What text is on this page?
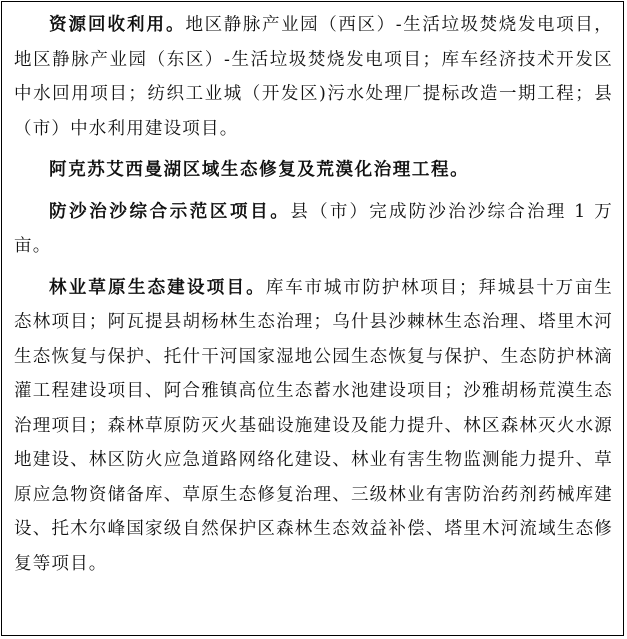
资源回收利用。地区静脉产业园（西区）-生活垃圾焚烧发电项目，地区静脉产业园（东区）-生活垃圾焚烧发电项目；库车经济技术开发区中水回用项目；纺织工业城（开发区)污水处理厂提标改造一期工程；县（市）中水利用建设项目。

阿克苏艾西曼湖区域生态修复及荒漠化治理工程。

防沙治沙综合示范区项目。县（市）完成防沙治沙综合治理 1 万亩。

林业草原生态建设项目。库车市城市防护林项目；拜城县十万亩生态林项目；阿瓦提县胡杨林生态治理；乌什县沙棘林生态治理、塔里木河生态恢复与保护、托什干河国家湿地公园生态恢复与保护、生态防护林滴灌工程建设项目、阿合雅镇高位生态蓄水池建设项目；沙雅胡杨荒漠生态治理项目；森林草原防灭火基础设施建设及能力提升、林区森林灭火水源地建设、林区防火应急道路网络化建设、林业有害生物监测能力提升、草原应急物资储备库、草原生态修复治理、三级林业有害防治药剂药械库建设、托木尔峰国家级自然保护区森林生态效益补偿、塔里木河流域生态修复等项目。
